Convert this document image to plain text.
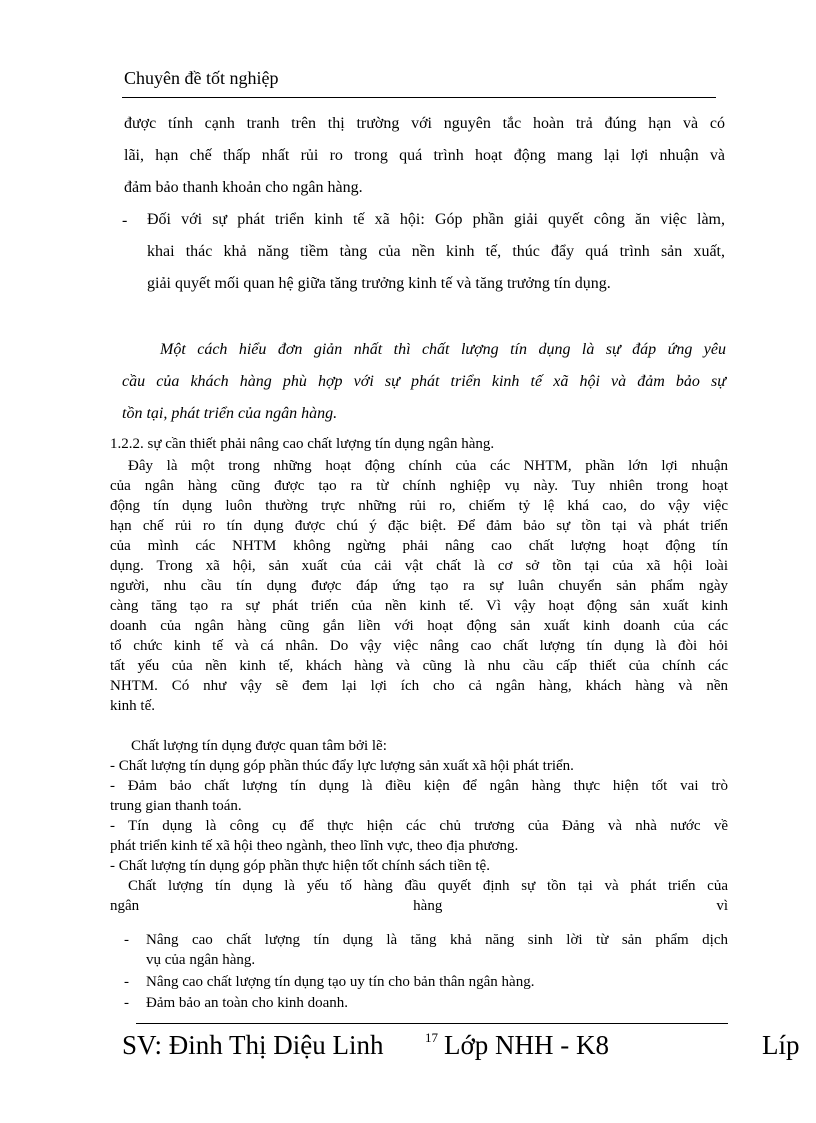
Chuyên đề tốt nghiệp
được tính cạnh tranh trên thị trường với nguyên tắc hoàn trả đúng hạn và có
lãi, hạn chế thấp nhất rủi ro trong quá trình hoạt động mang lại lợi nhuận và
đảm bảo thanh khoản cho ngân hàng.
- Đối với sự phát triển kinh tế xã hội: Góp phần giải quyết công ăn việc làm,
khai thác khả năng tiềm tàng của nền kinh tế, thúc đẩy quá trình sản xuất,
giải quyết mối quan hệ giữa tăng trưởng kinh tế và tăng trưởng tín dụng.
Một cách hiểu đơn giản nhất thì chất lượng tín dụng là sự đáp ứng yêu
cầu của khách hàng phù hợp với sự phát triển kinh tế xã hội và đảm bảo sự
tồn tại, phát triển của ngân hàng.
1.2.2. sự cần thiết phải nâng cao chất lượng tín dụng ngân hàng.
Đây là một trong những hoạt động chính của các NHTM, phần lớn lợi nhuận
của ngân hàng cũng được tạo ra từ chính nghiệp vụ này. Tuy nhiên trong hoạt
động tín dụng luôn thường trực những rủi ro, chiếm tỷ lệ khá cao, do vậy việc
hạn chế rủi ro tín dụng được chú ý đặc biệt. Để đảm bảo sự tồn tại và phát triển
của mình các NHTM không ngừng phải nâng cao chất lượng hoạt động tín
dụng. Trong xã hội, sản xuất của cải vật chất là cơ sở tồn tại của xã hội loài
người, nhu cầu tín dụng được đáp ứng tạo ra sự luân chuyển sản phẩm ngày
càng tăng tạo ra sự phát triển của nền kinh tế. Vì vậy hoạt động sản xuất kinh
doanh của ngân hàng cũng gắn liền với hoạt động sản xuất kinh doanh của các
tổ chức kinh tế và cá nhân. Do vậy việc nâng cao chất lượng tín dụng là đòi hỏi
tất yếu của nền kinh tế, khách hàng và cũng là nhu cầu cấp thiết của chính các
NHTM. Có như vậy sẽ đem lại lợi ích cho cả ngân hàng, khách hàng và nền
kinh tế.
Chất lượng tín dụng được quan tâm bởi lẽ:
- Chất lượng tín dụng góp phần thúc đẩy lực lượng sản xuất xã hội phát triển.
- Đảm bảo chất lượng tín dụng là điều kiện để ngân hàng thực hiện tốt vai trò
trung gian thanh toán.
- Tín dụng là công cụ để thực hiện các chủ trương của Đảng và nhà nước về
phát triển kinh tế xã hội theo ngành, theo lĩnh vực, theo địa phương.
- Chất lượng tín dụng góp phần thực hiện tốt chính sách tiền tệ.
Chất lượng tín dụng là yếu tố hàng đầu quyết định sự tồn tại và phát triển của
ngân	hàng	vì
- Nâng cao chất lượng tín dụng là tăng khả năng sinh lời từ sản phẩm dịch
vụ của ngân hàng.
- Nâng cao chất lượng tín dụng tạo uy tín cho bản thân ngân hàng.
- Đảm bảo an toàn cho kinh doanh.
SV: Đinh Thị Diệu Linh	17 Lớp NHH - K8	Líp
